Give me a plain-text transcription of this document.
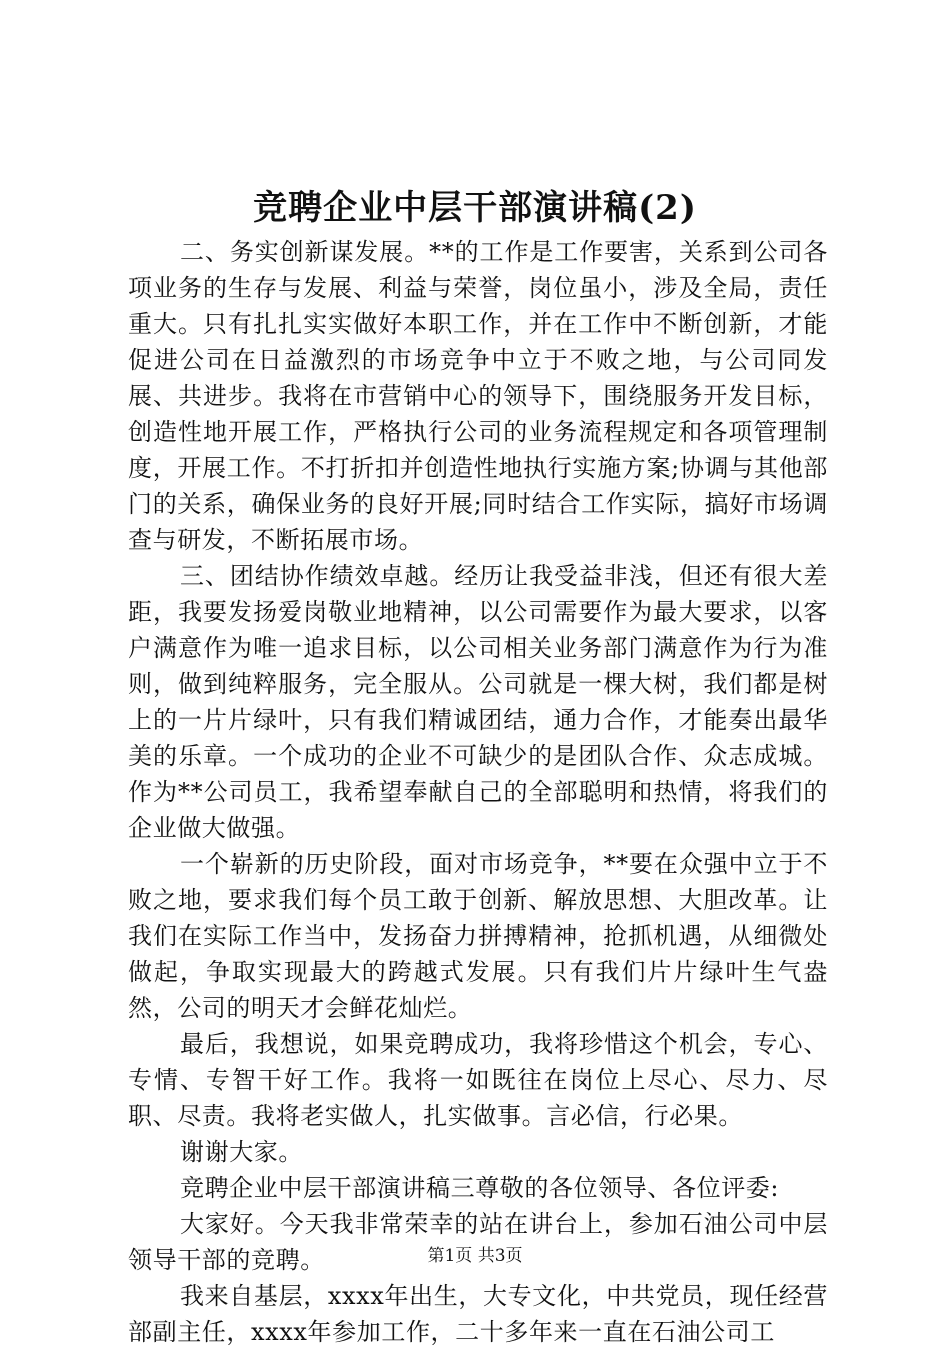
竞聘企业中层干部演讲稿(2)

二、务实创新谋发展。**的工作是工作要害，关系到公司各项业务的生存与发展、利益与荣誉，岗位虽小，涉及全局，责任重大。只有扎扎实实做好本职工作，并在工作中不断创新，才能促进公司在日益激烈的市场竞争中立于不败之地，与公司同发展、共进步。我将在市营销中心的领导下，围绕服务开发目标，创造性地开展工作，严格执行公司的业务流程规定和各项管理制度，开展工作。不打折扣并创造性地执行实施方案;协调与其他部门的关系，确保业务的良好开展;同时结合工作实际，搞好市场调查与研发，不断拓展市场。

三、团结协作绩效卓越。经历让我受益非浅，但还有很大差距，我要发扬爱岗敬业地精神，以公司需要作为最大要求，以客户满意作为唯一追求目标，以公司相关业务部门满意作为行为准则，做到纯粹服务，完全服从。公司就是一棵大树，我们都是树上的一片片绿叶，只有我们精诚团结，通力合作，才能奏出最华美的乐章。一个成功的企业不可缺少的是团队合作、众志成城。作为**公司员工，我希望奉献自己的全部聪明和热情，将我们的企业做大做强。

一个崭新的历史阶段，面对市场竞争，**要在众强中立于不败之地，要求我们每个员工敢于创新、解放思想、大胆改革。让我们在实际工作当中，发扬奋力拼搏精神，抢抓机遇，从细微处做起，争取实现最大的跨越式发展。只有我们片片绿叶生气盎然，公司的明天才会鲜花灿烂。

最后，我想说，如果竞聘成功，我将珍惜这个机会，专心、专情、专智干好工作。我将一如既往在岗位上尽心、尽力、尽职、尽责。我将老实做人，扎实做事。言必信，行必果。

谢谢大家。

竞聘企业中层干部演讲稿三尊敬的各位领导、各位评委:

大家好。今天我非常荣幸的站在讲台上，参加石油公司中层领导干部的竞聘。

我来自基层，xxxx年出生，大专文化，中共党员，现任经营部副主任，xxxx年参加工作，二十多年来一直在石油公司工

第1页 共3页
